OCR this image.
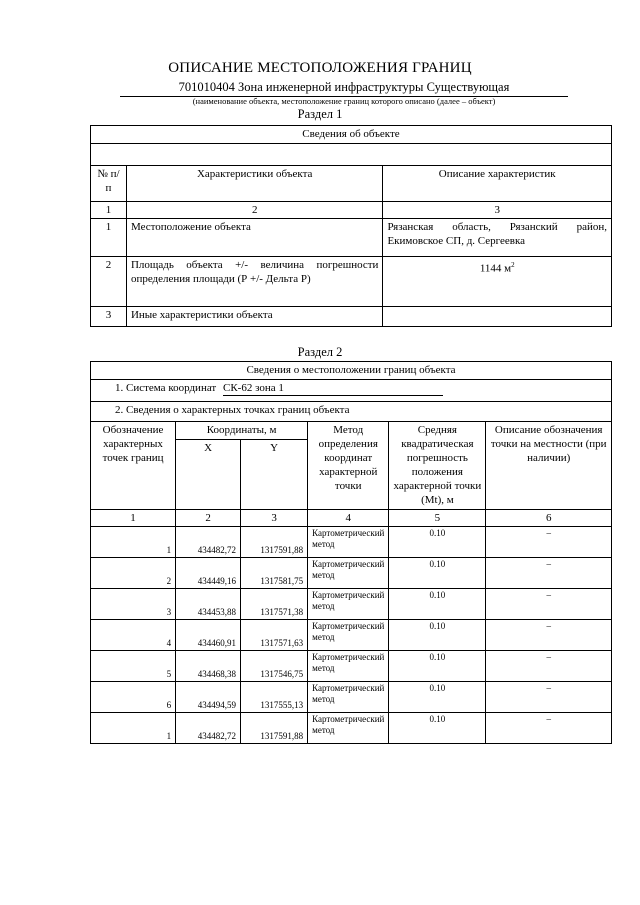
ОПИСАНИЕ МЕСТОПОЛОЖЕНИЯ ГРАНИЦ
701010404 Зона инженерной инфраструктуры Существующая
(наименование объекта, местоположение границ которого описано (далее – объект)
Раздел 1
Сведения об объекте		

№ п/п	Характеристики объекта	Описание характеристик
1	2	3
1	Местоположение объекта	Рязанская область, Рязанский район, Екимовское СП, д. Сергеевка
2	Площадь объекта +/- величина погрешности определения площади (Р +/- Дельта Р)	1144 $м^2$
3	Иные характеристики объекта	
Раздел 2
Сведения о местоположении границ объекта					
1. Система координат СК-62 зона 1					
2. Сведения о характерных точках границ объекта					
Обозначение характерных точек границ	Координаты, м		Метод определения координат характерной точки	Средняя квадратическая погрешность положения характерной точки (Мt), м	Описание обозначения точки на местности (при наличии)
	X	Y			
1	2	3	4	5	6
1	434482,72	1317591,88	Картометрический метод	0.10	–
2	434449,16	1317581,75	Картометрический метод	0.10	–
3	434453,88	1317571,38	Картометрический метод	0.10	–
4	434460,91	1317571,63	Картометрический метод	0.10	–
5	434468,38	1317546,75	Картометрический метод	0.10	–
6	434494,59	1317555,13	Картометрический метод	0.10	–
1	434482,72	1317591,88	Картометрический метод	0.10	–
